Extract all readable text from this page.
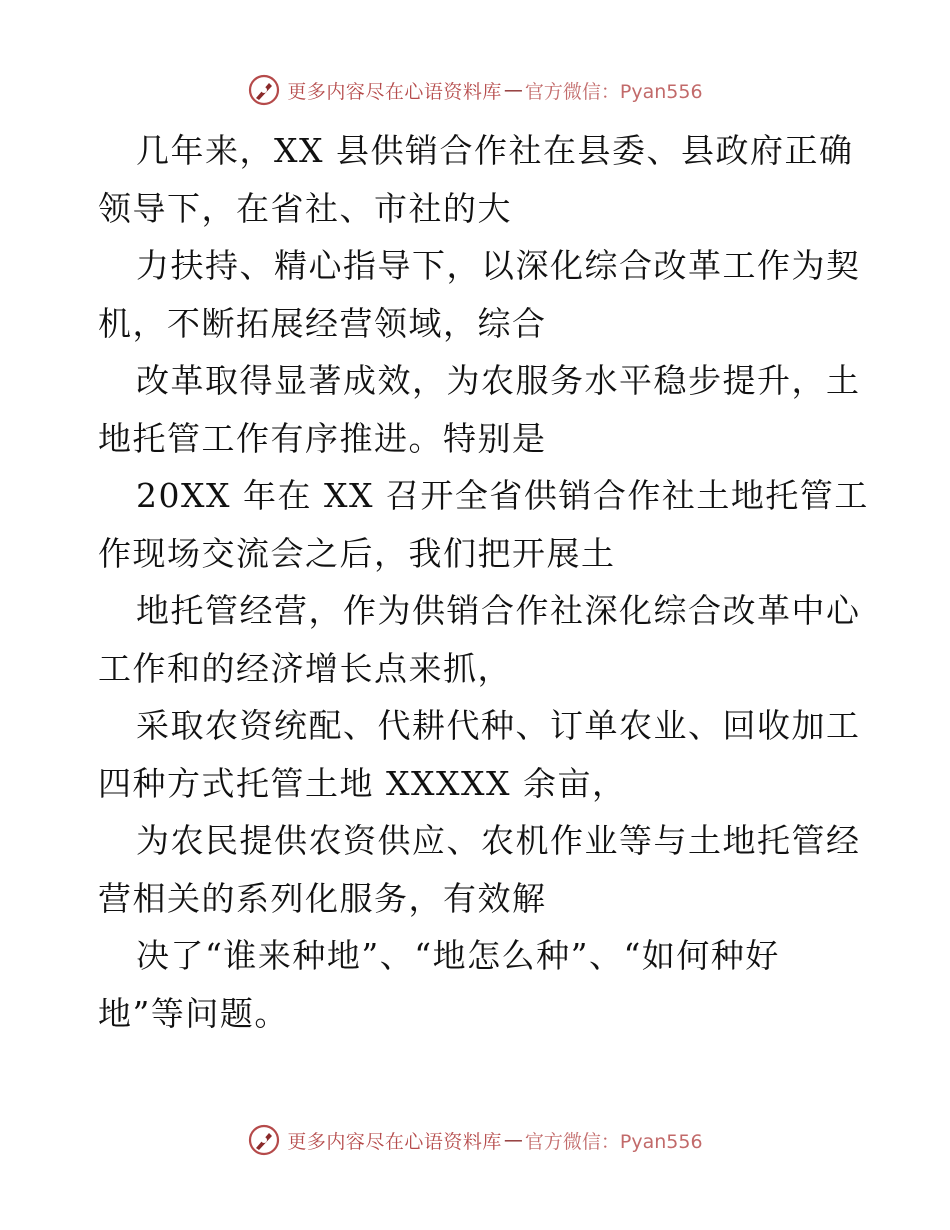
更多内容尽在心语资料库 — 官方微信：Pyan556

几年来，XX 县供销合作社在县委、县政府正确
领导下，在省社、市社的大

力扶持、精心指导下，以深化综合改革工作为契
机，不断拓展经营领域，综合

改革取得显著成效，为农服务水平稳步提升，土
地托管工作有序推进。特别是

20XX 年在 XX 召开全省供销合作社土地托管工
作现场交流会之后，我们把开展土

地托管经营，作为供销合作社深化综合改革中心
工作和的经济增长点来抓，

采取农资统配、代耕代种、订单农业、回收加工
四种方式托管土地 XXXXX 余亩，

为农民提供农资供应、农机作业等与土地托管经
营相关的系列化服务，有效解

决了“谁来种地”、“地怎么种”、“如何种好
地”等问题。

更多内容尽在心语资料库 — 官方微信：Pyan556
